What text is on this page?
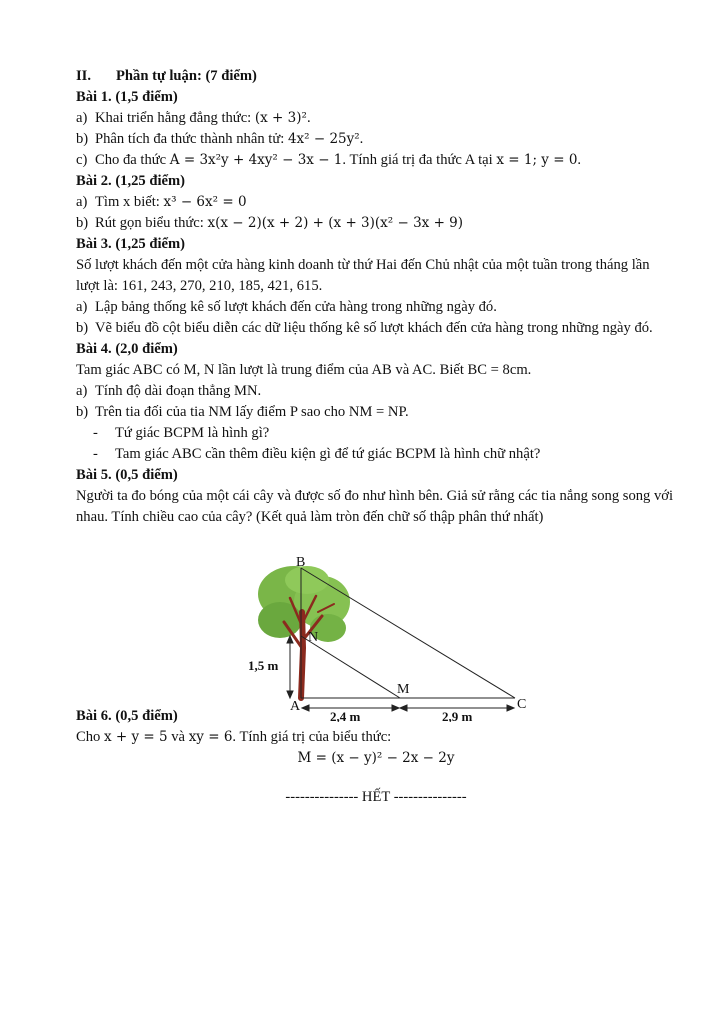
II. Phần tự luận: (7 điểm)
Bài 1. (1,5 điểm)
a) Khai triển hằng đẳng thức: (x + 3)².
b) Phân tích đa thức thành nhân tử: 4x² − 25y².
c) Cho đa thức A = 3x²y + 4xy² − 3x − 1. Tính giá trị đa thức A tại x = 1; y = 0.
Bài 2. (1,25 điểm)
a) Tìm x biết: x³ − 6x² = 0
b) Rút gọn biểu thức: x(x − 2)(x + 2) + (x + 3)(x² − 3x + 9)
Bài 3. (1,25 điểm)
Số lượt khách đến một cửa hàng kinh doanh từ thứ Hai đến Chủ nhật của một tuần trong tháng lần lượt là: 161, 243, 270, 210, 185, 421, 615.
a) Lập bảng thống kê số lượt khách đến cửa hàng trong những ngày đó.
b) Vẽ biểu đồ cột biểu diễn các dữ liệu thống kê số lượt khách đến cửa hàng trong những ngày đó.
Bài 4. (2,0 điểm)
Tam giác ABC có M, N lần lượt là trung điểm của AB và AC. Biết BC = 8cm.
a) Tính độ dài đoạn thẳng MN.
b) Trên tia đối của tia NM lấy điểm P sao cho NM = NP.
- Tứ giác BCPM là hình gì?
- Tam giác ABC cần thêm điều kiện gì để tứ giác BCPM là hình chữ nhật?
Bài 5. (0,5 điểm)
Người ta đo bóng của một cái cây và được số đo như hình bên. Giả sử rằng các tia nắng song song với nhau. Tính chiều cao của cây? (Kết quả làm tròn đến chữ số thập phân thứ nhất)
Bài 6. (0,5 điểm)
Cho x + y = 5 và xy = 6. Tính giá trị của biểu thức:
M = (x − y)² − 2x − 2y
--------------- HẾT ---------------
B
N
A
M
C
1,5 m
2,4 m	2,9 m
